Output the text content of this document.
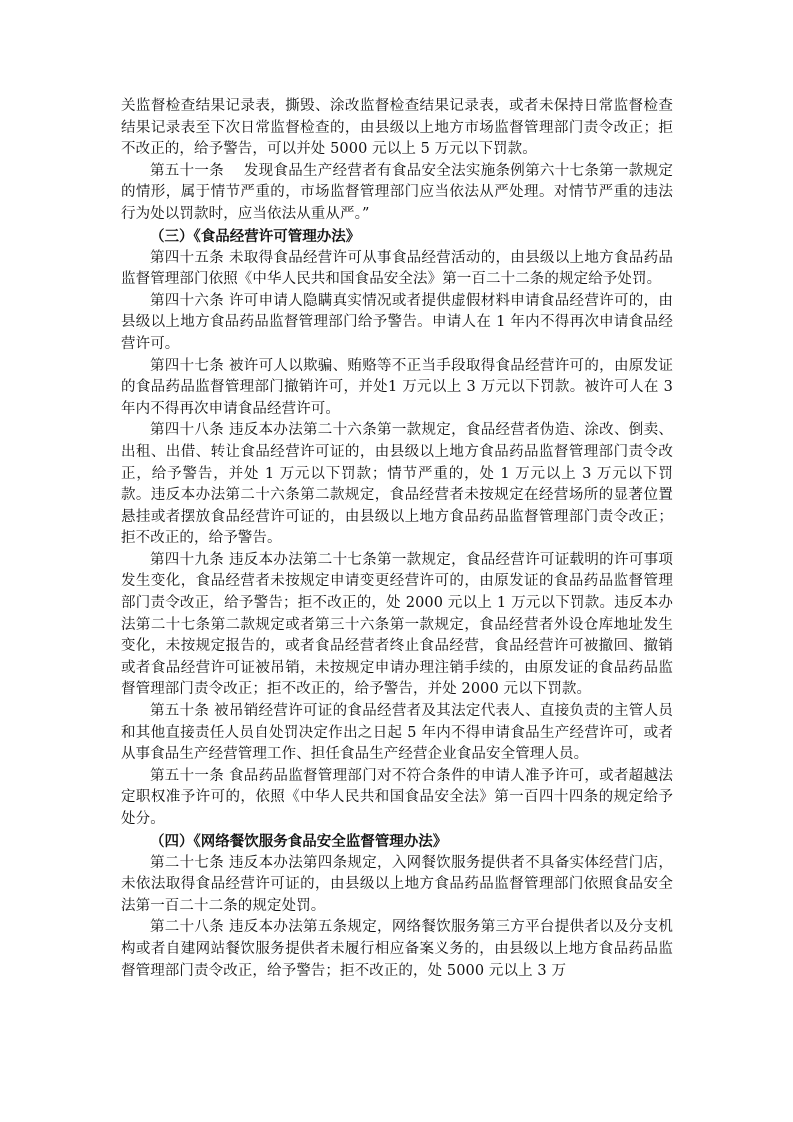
关监督检查结果记录表，撕毁、涂改监督检查结果记录表，或者未保持日常监督检查结果记录表至下次日常监督检查的，由县级以上地方市场监督管理部门责令改正；拒不改正的，给予警告，可以并处 5000 元以上 5 万元以下罚款。

第五十一条　 发现食品生产经营者有食品安全法实施条例第六十七条第一款规定的情形，属于情节严重的，市场监督管理部门应当依法从严处理。对情节严重的违法行为处以罚款时，应当依法从重从严。”

（三）《食品经营许可管理办法》

第四十五条 未取得食品经营许可从事食品经营活动的，由县级以上地方食品药品监督管理部门依照《中华人民共和国食品安全法》第一百二十二条的规定给予处罚。

第四十六条 许可申请人隐瞒真实情况或者提供虚假材料申请食品经营许可的，由县级以上地方食品药品监督管理部门给予警告。申请人在 1 年内不得再次申请食品经营许可。

第四十七条 被许可人以欺骗、贿赂等不正当手段取得食品经营许可的，由原发证的食品药品监督管理部门撤销许可，并处1 万元以上 3 万元以下罚款。被许可人在 3 年内不得再次申请食品经营许可。

第四十八条 违反本办法第二十六条第一款规定，食品经营者伪造、涂改、倒卖、出租、出借、转让食品经营许可证的，由县级以上地方食品药品监督管理部门责令改正，给予警告，并处 1 万元以下罚款；情节严重的，处 1 万元以上 3 万元以下罚款。违反本办法第二十六条第二款规定，食品经营者未按规定在经营场所的显著位置悬挂或者摆放食品经营许可证的，由县级以上地方食品药品监督管理部门责令改正；拒不改正的，给予警告。

第四十九条 违反本办法第二十七条第一款规定，食品经营许可证载明的许可事项发生变化，食品经营者未按规定申请变更经营许可的，由原发证的食品药品监督管理部门责令改正，给予警告；拒不改正的，处 2000 元以上 1 万元以下罚款。违反本办法第二十七条第二款规定或者第三十六条第一款规定，食品经营者外设仓库地址发生变化，未按规定报告的，或者食品经营者终止食品经营，食品经营许可被撤回、撤销或者食品经营许可证被吊销，未按规定申请办理注销手续的，由原发证的食品药品监督管理部门责令改正；拒不改正的，给予警告，并处 2000 元以下罚款。

第五十条 被吊销经营许可证的食品经营者及其法定代表人、直接负责的主管人员和其他直接责任人员自处罚决定作出之日起 5 年内不得申请食品生产经营许可，或者从事食品生产经营管理工作、担任食品生产经营企业食品安全管理人员。

第五十一条 食品药品监督管理部门对不符合条件的申请人准予许可，或者超越法定职权准予许可的，依照《中华人民共和国食品安全法》第一百四十四条的规定给予处分。

（四）《网络餐饮服务食品安全监督管理办法》

第二十七条 违反本办法第四条规定，入网餐饮服务提供者不具备实体经营门店，未依法取得食品经营许可证的，由县级以上地方食品药品监督管理部门依照食品安全法第一百二十二条的规定处罚。

第二十八条 违反本办法第五条规定，网络餐饮服务第三方平台提供者以及分支机构或者自建网站餐饮服务提供者未履行相应备案义务的，由县级以上地方食品药品监督管理部门责令改正，给予警告；拒不改正的，处 5000 元以上 3 万
